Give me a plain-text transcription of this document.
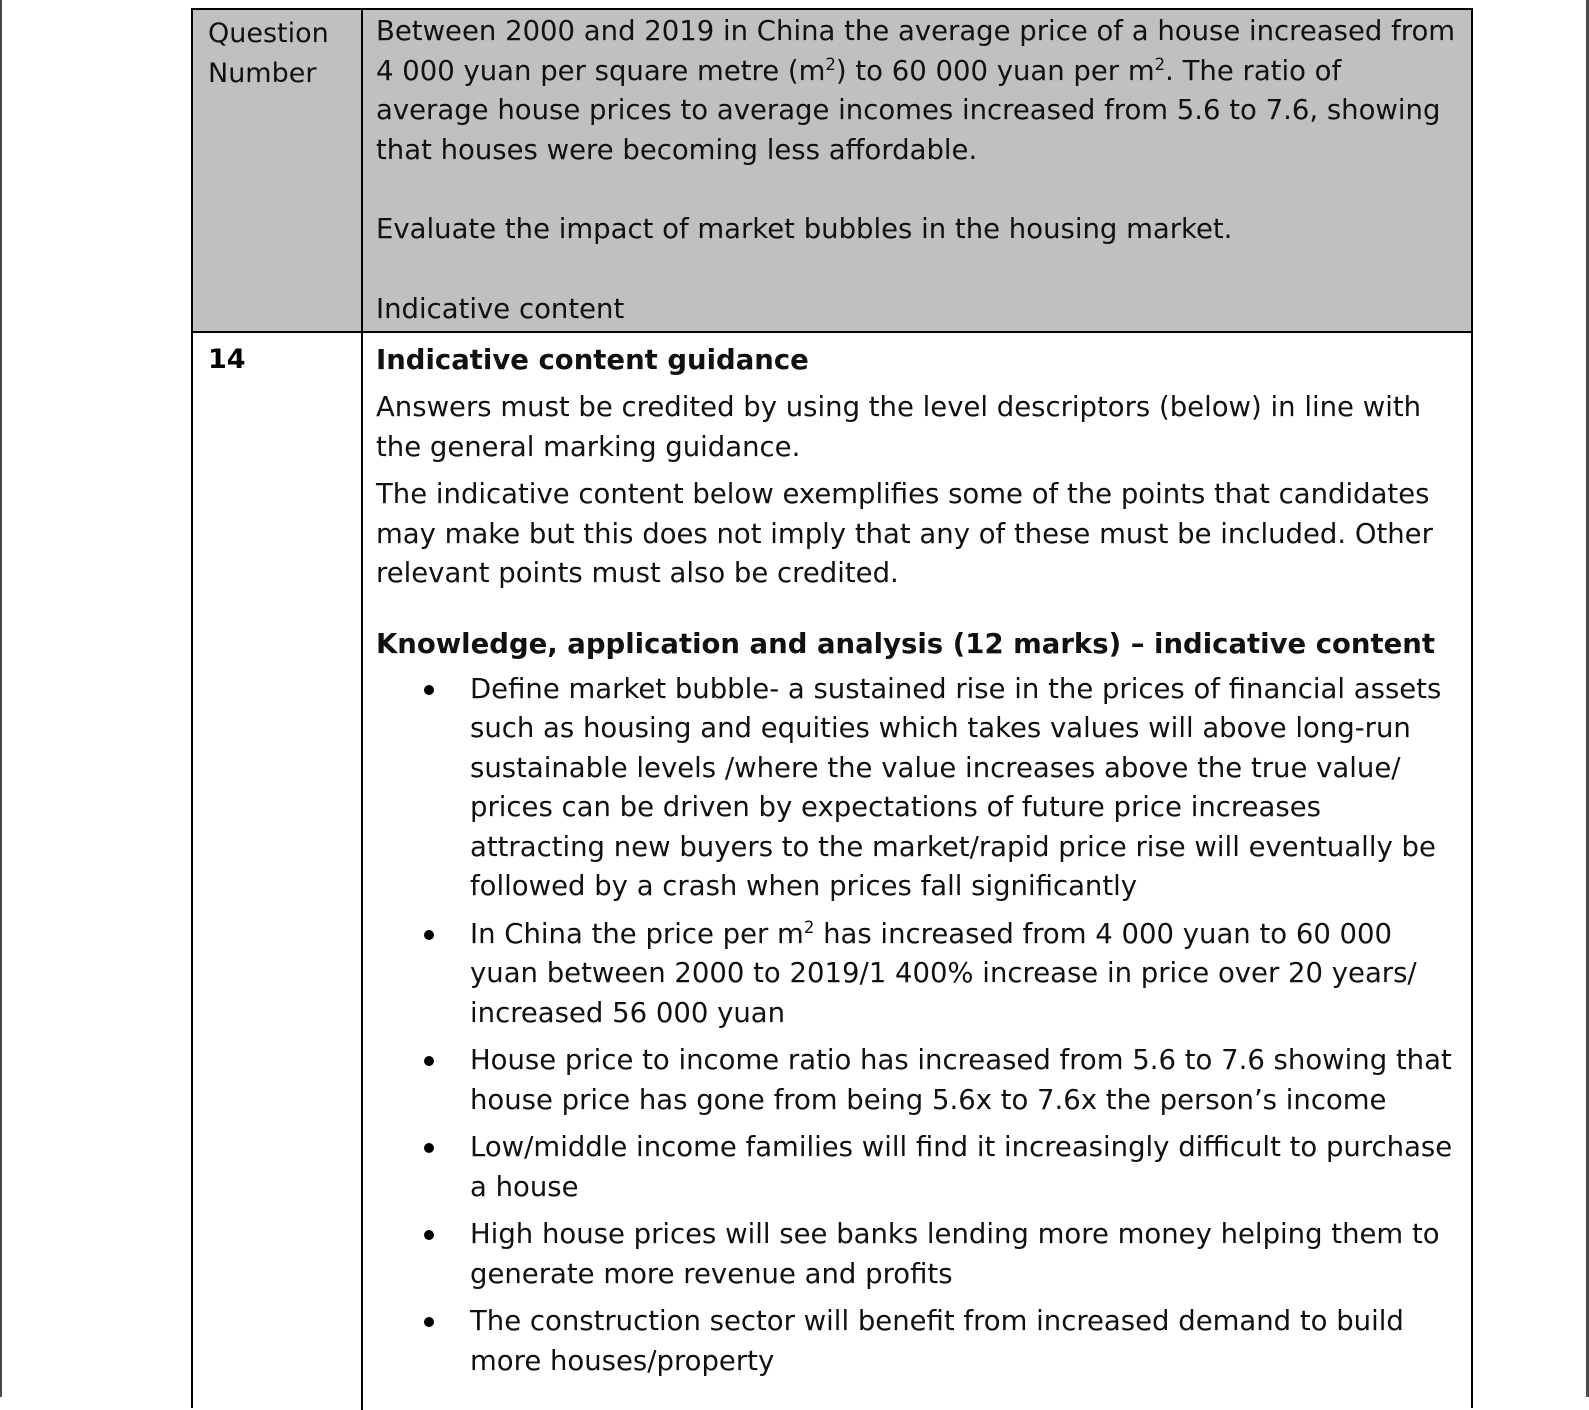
Question Number

Between 2000 and 2019 in China the average price of a house increased from 4 000 yuan per square metre $(m^2)$ to 60 000 yuan per $m^2$. The ratio of average house prices to average incomes increased from 5.6 to 7.6, showing that houses were becoming less affordable.

Evaluate the impact of market bubbles in the housing market.

Indicative content

14	Indicative content guidance

Answers must be credited by using the level descriptors (below) in line with the general marking guidance.

The indicative content below exemplifies some of the points that candidates may make but this does not imply that any of these must be included. Other relevant points must also be credited.

Knowledge, application and analysis (12 marks) – indicative content
Define market bubble- a sustained rise in the prices of financial assets such as housing and equities which takes values will above long-run sustainable levels /where the value increases above the true value/ prices can be driven by expectations of future price increases attracting new buyers to the market/rapid price rise will eventually be followed by a crash when prices fall significantly
In China the price per $m^2$ has increased from 4 000 yuan to 60 000 yuan between 2000 to 2019/1 400% increase in price over 20 years/ increased 56 000 yuan
House price to income ratio has increased from 5.6 to 7.6 showing that house price has gone from being 5.6x to 7.6x the person’s income
Low/middle income families will find it increasingly difficult to purchase a house
High house prices will see banks lending more money helping them to generate more revenue and profits
The construction sector will benefit from increased demand to build more houses/property
